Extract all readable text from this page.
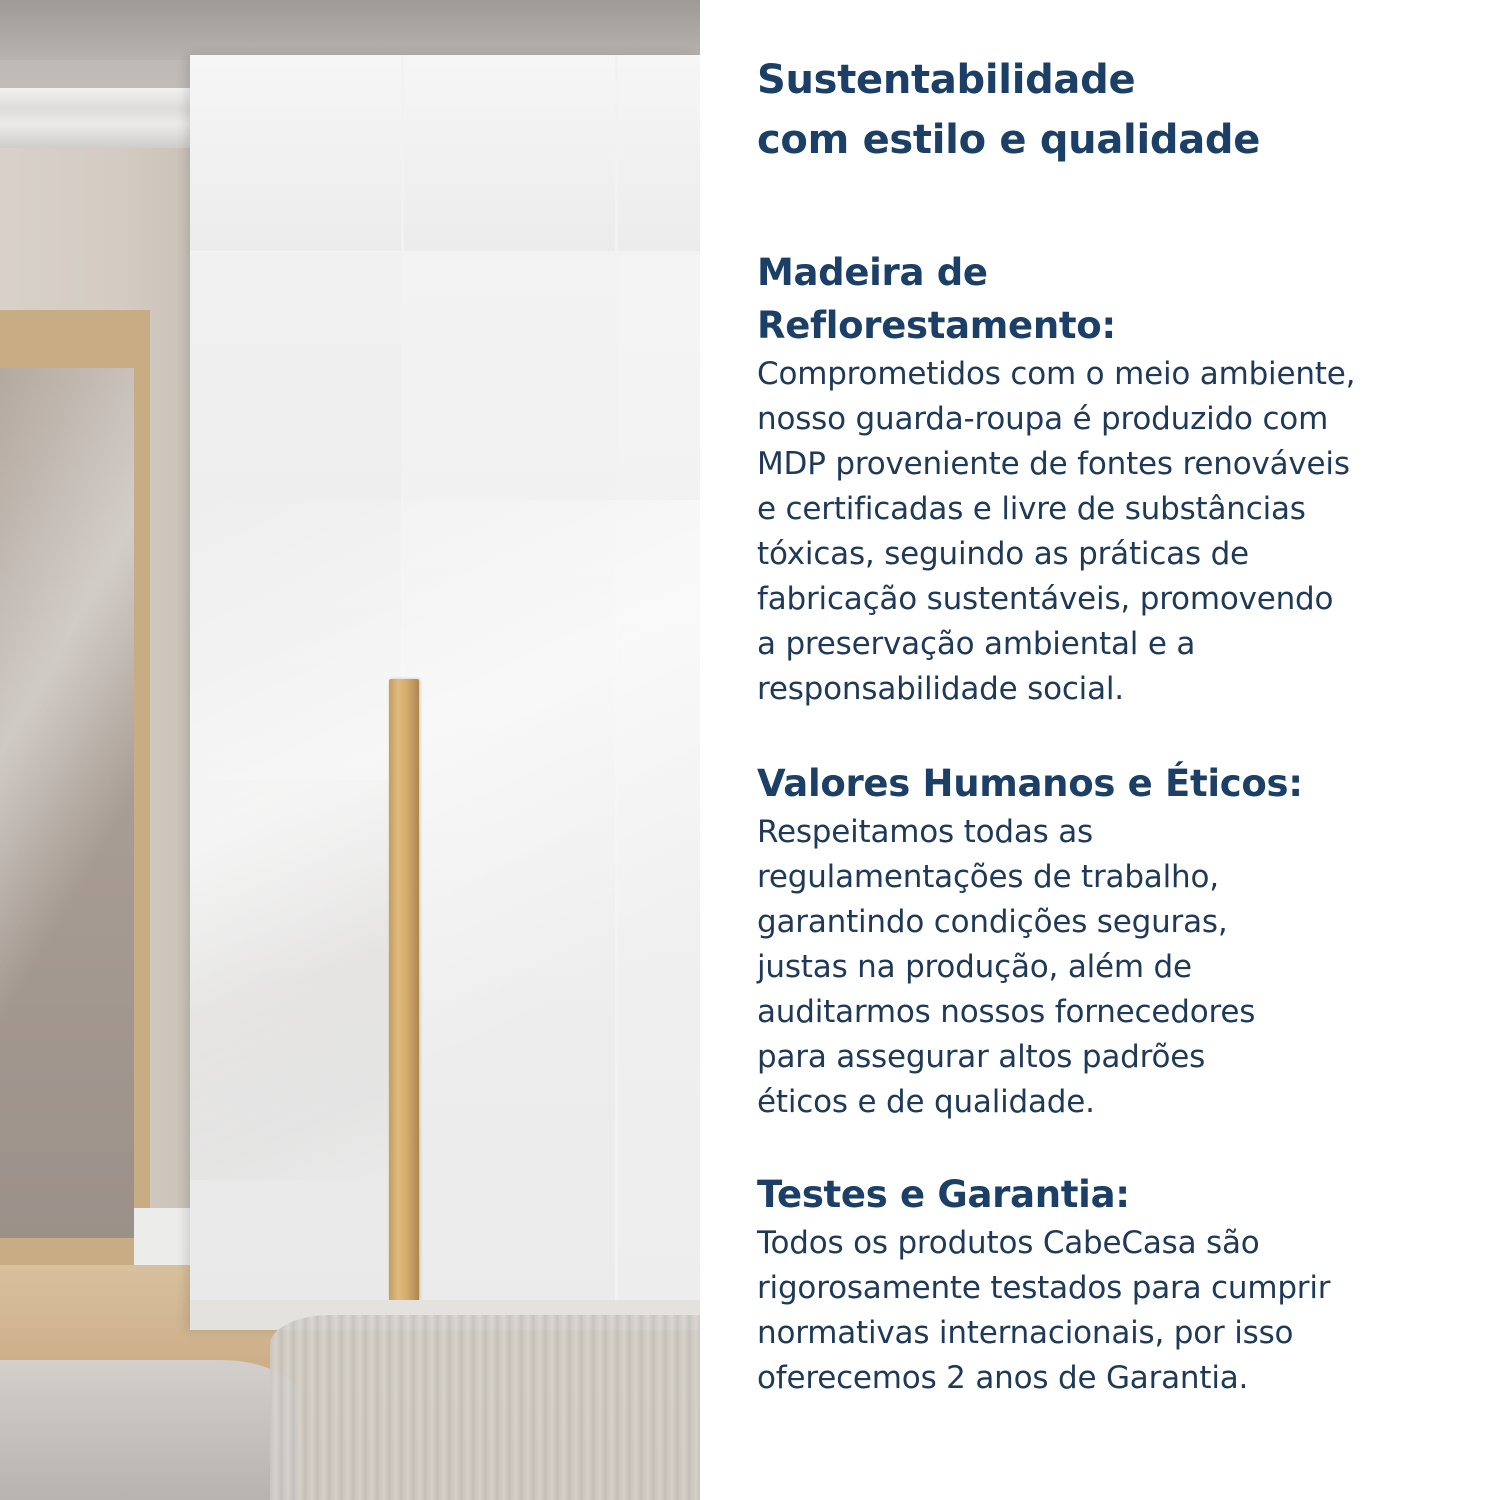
Sustentabilidade
com estilo e qualidade
Madeira de
Reflorestamento:

Comprometidos com o meio ambiente,
nosso guarda-roupa é produzido com
MDP proveniente de fontes renováveis
e certificadas e livre de substâncias
tóxicas, seguindo as práticas de
fabricação sustentáveis, promovendo
a preservação ambiental e a
responsabilidade social.

Valores Humanos e Éticos:

Respeitamos todas as
regulamentações de trabalho,
garantindo condições seguras,
justas na produção, além de
auditarmos nossos fornecedores
para assegurar altos padrões
éticos e de qualidade.

Testes e Garantia:

Todos os produtos CabeCasa são
rigorosamente testados para cumprir
normativas internacionais, por isso
oferecemos 2 anos de Garantia.
